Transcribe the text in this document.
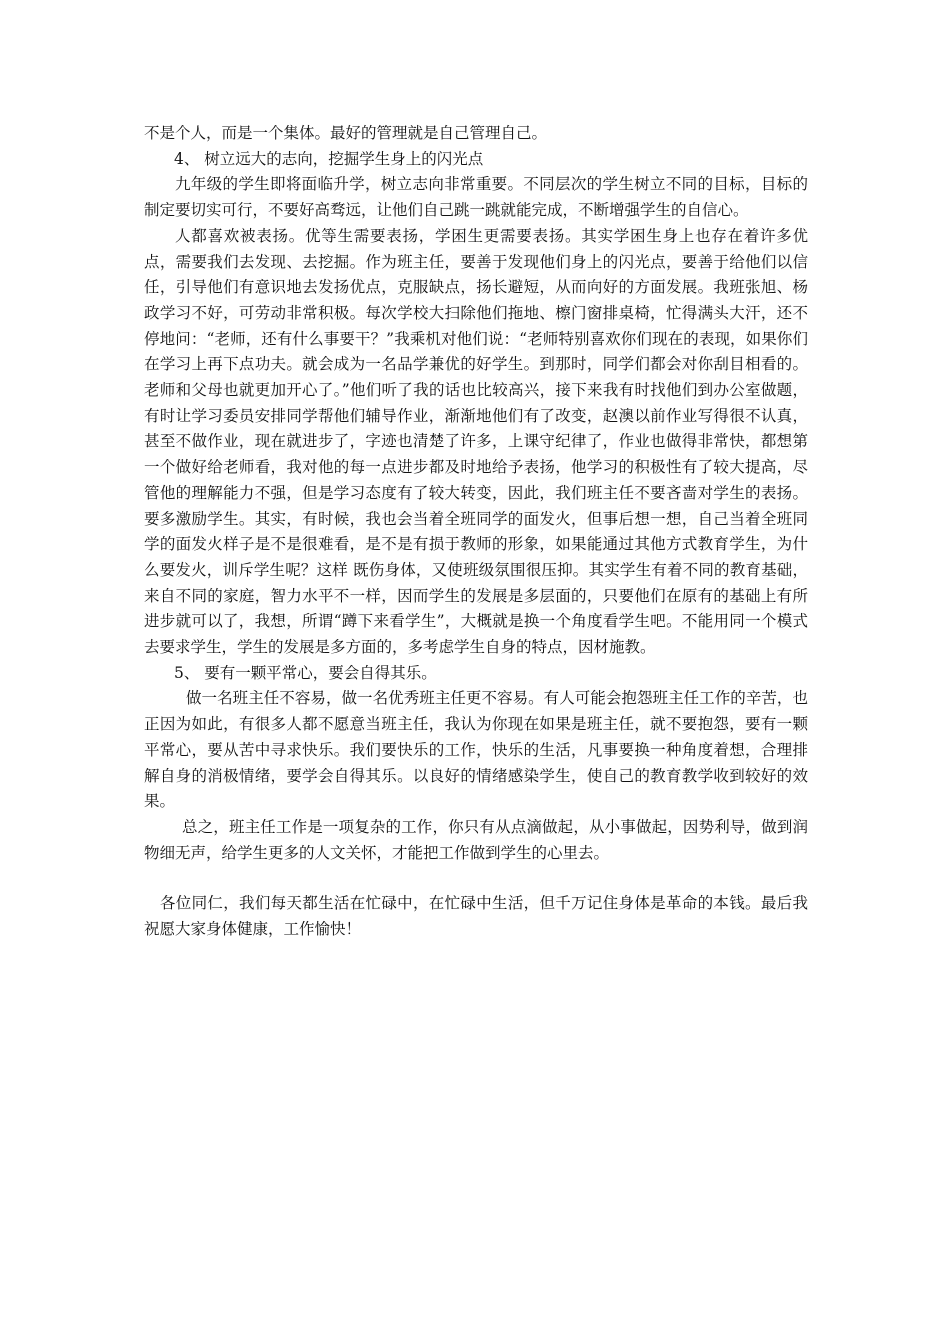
不是个人，而是一个集体。最好的管理就是自己管理自己。

4、 树立远大的志向，挖掘学生身上的闪光点

九年级的学生即将面临升学，树立志向非常重要。不同层次的学生树立不同的目标，目标的制定要切实可行，不要好高骛远，让他们自己跳一跳就能完成，不断增强学生的自信心。

人都喜欢被表扬。优等生需要表扬，学困生更需要表扬。其实学困生身上也存在着许多优点，需要我们去发现、去挖掘。作为班主任，要善于发现他们身上的闪光点，要善于给他们以信任，引导他们有意识地去发扬优点，克服缺点，扬长避短，从而向好的方面发展。我班张旭、杨政学习不好，可劳动非常积极。每次学校大扫除他们拖地、檫门窗排桌椅，忙得满头大汗，还不停地问：“老师，还有什么事要干？”我乘机对他们说：“老师特别喜欢你们现在的表现，如果你们在学习上再下点功夫。就会成为一名品学兼优的好学生。到那时，同学们都会对你刮目相看的。老师和父母也就更加开心了。”他们听了我的话也比较高兴，接下来我有时找他们到办公室做题，有时让学习委员安排同学帮他们辅导作业，渐渐地他们有了改变，赵澳以前作业写得很不认真，甚至不做作业，现在就进步了，字迹也清楚了许多，上课守纪律了，作业也做得非常快，都想第一个做好给老师看，我对他的每一点进步都及时地给予表扬，他学习的积极性有了较大提高，尽管他的理解能力不强，但是学习态度有了较大转变，因此，我们班主任不要吝啬对学生的表扬。要多激励学生。其实，有时候，我也会当着全班同学的面发火，但事后想一想，自己当着全班同学的面发火样子是不是很难看，是不是有损于教师的形象，如果能通过其他方式教育学生，为什么要发火，训斥学生呢？这样 既伤身体，又使班级氛围很压抑。其实学生有着不同的教育基础，来自不同的家庭，智力水平不一样，因而学生的发展是多层面的，只要他们在原有的基础上有所进步就可以了，我想，所谓“蹲下来看学生”，大概就是换一个角度看学生吧。不能用同一个模式去要求学生，学生的发展是多方面的，多考虑学生自身的特点，因材施教。

5、 要有一颗平常心，要会自得其乐。

做一名班主任不容易，做一名优秀班主任更不容易。有人可能会抱怨班主任工作的辛苦，也正因为如此，有很多人都不愿意当班主任，我认为你现在如果是班主任，就不要抱怨，要有一颗平常心，要从苦中寻求快乐。我们要快乐的工作，快乐的生活，凡事要换一种角度着想，合理排解自身的消极情绪，要学会自得其乐。以良好的情绪感染学生，使自己的教育教学收到较好的效果。

总之，班主任工作是一项复杂的工作，你只有从点滴做起，从小事做起，因势利导，做到润物细无声，给学生更多的人文关怀，才能把工作做到学生的心里去。

各位同仁，我们每天都生活在忙碌中，在忙碌中生活，但千万记住身体是革命的本钱。最后我祝愿大家身体健康，工作愉快！
